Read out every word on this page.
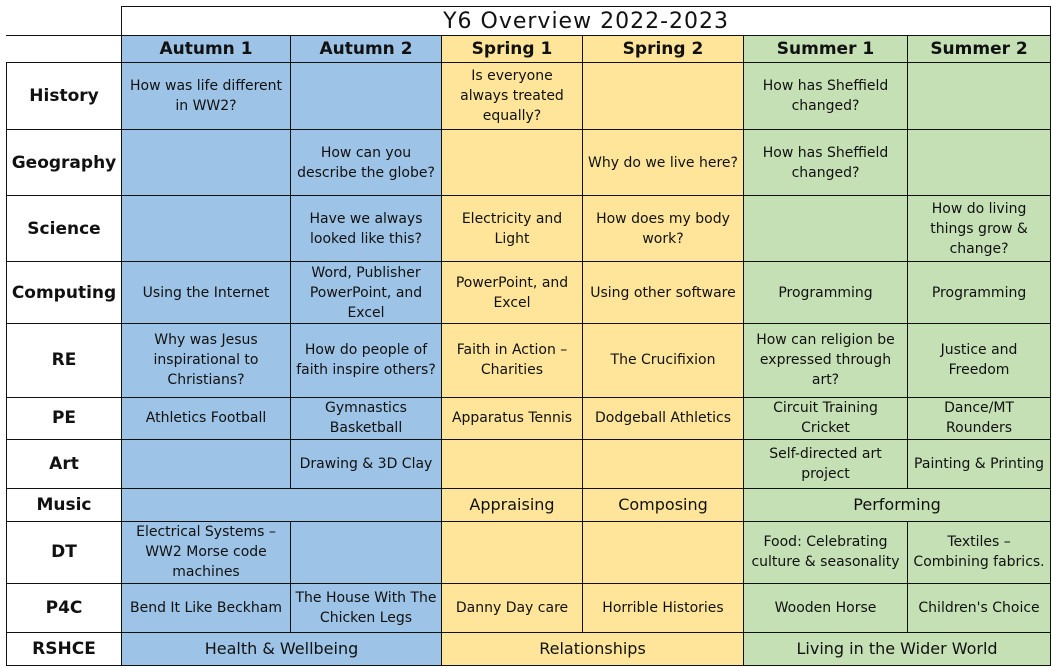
	Y6 Overview 2022-2023					
	Autumn 1	Autumn 2	Spring 1	Spring 2	Summer 1	Summer 2
History	How was life different in WW2?		Is everyone always treated equally?		How has Sheffield changed?	
Geography		How can you describe the globe?		Why do we live here?	How has Sheffield changed?	
Science		Have we always looked like this?	Electricity and Light	How does my body work?		How do living things grow & change?
Computing	Using the Internet	Word, Publisher PowerPoint, and Excel	PowerPoint, and Excel	Using other software	Programming	Programming
RE	Why was Jesus inspirational to Christians?	How do people of faith inspire others?	Faith in Action – Charities	The Crucifixion	How can religion be expressed through art?	Justice and Freedom
PE	Athletics Football	Gymnastics Basketball	Apparatus Tennis	Dodgeball Athletics	Circuit Training Cricket	Dance/MT Rounders
Art		Drawing & 3D Clay			Self-directed art project	Painting & Printing
Music			Appraising	Composing	Performing	
DT	Electrical Systems – WW2 Morse code machines				Food: Celebrating culture & seasonality	Textiles – Combining fabrics.
P4C	Bend It Like Beckham	The House With The Chicken Legs	Danny Day care	Horrible Histories	Wooden Horse	Children's Choice
RSHCE	Health & Wellbeing		Relationships		Living in the Wider World	
